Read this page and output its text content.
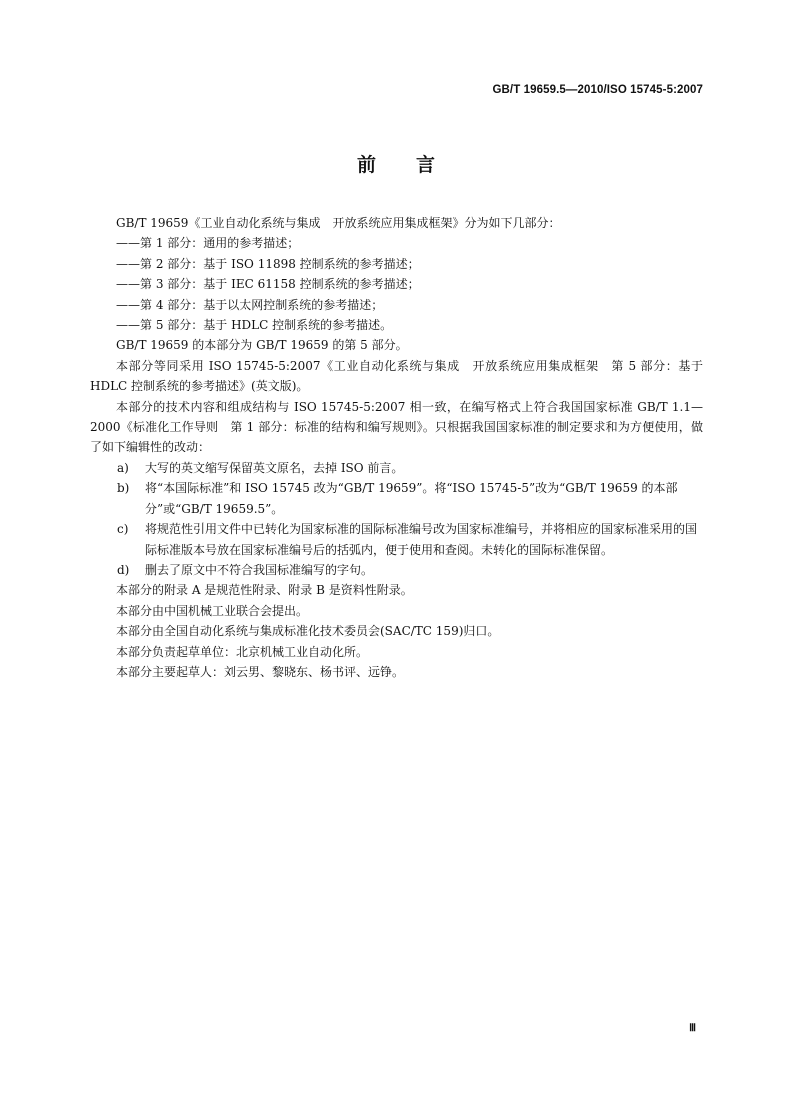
GB/T 19659.5—2010/ISO 15745-5:2007
前言

GB/T 19659《工业自动化系统与集成　开放系统应用集成框架》分为如下几部分：

——第 1 部分：通用的参考描述；

——第 2 部分：基于 ISO 11898 控制系统的参考描述；

——第 3 部分：基于 IEC 61158 控制系统的参考描述；

——第 4 部分：基于以太网控制系统的参考描述；

——第 5 部分：基于 HDLC 控制系统的参考描述。

GB/T 19659 的本部分为 GB/T 19659 的第 5 部分。

本部分等同采用 ISO 15745-5:2007《工业自动化系统与集成　开放系统应用集成框架　第 5 部分：基于 HDLC 控制系统的参考描述》(英文版)。

本部分的技术内容和组成结构与 ISO 15745-5:2007 相一致，在编写格式上符合我国国家标准 GB/T 1.1—2000《标准化工作导则　第 1 部分：标准的结构和编写规则》。只根据我国国家标准的制定要求和为方便使用，做了如下编辑性的改动：

a) 大写的英文缩写保留英文原名，去掉 ISO 前言。
b) 将“本国际标准”和 ISO 15745 改为“GB/T 19659”。将“ISO 15745-5”改为“GB/T 19659 的本部分”或“GB/T 19659.5”。
c) 将规范性引用文件中已转化为国家标准的国际标准编号改为国家标准编号，并将相应的国家标准采用的国际标准版本号放在国家标准编号后的括弧内，便于使用和查阅。未转化的国际标准保留。
d) 删去了原文中不符合我国标准编写的字句。

本部分的附录 A 是规范性附录、附录 B 是资料性附录。

本部分由中国机械工业联合会提出。

本部分由全国自动化系统与集成标准化技术委员会(SAC/TC 159)归口。

本部分负责起草单位：北京机械工业自动化所。

本部分主要起草人：刘云男、黎晓东、杨书评、远铮。

Ⅲ
